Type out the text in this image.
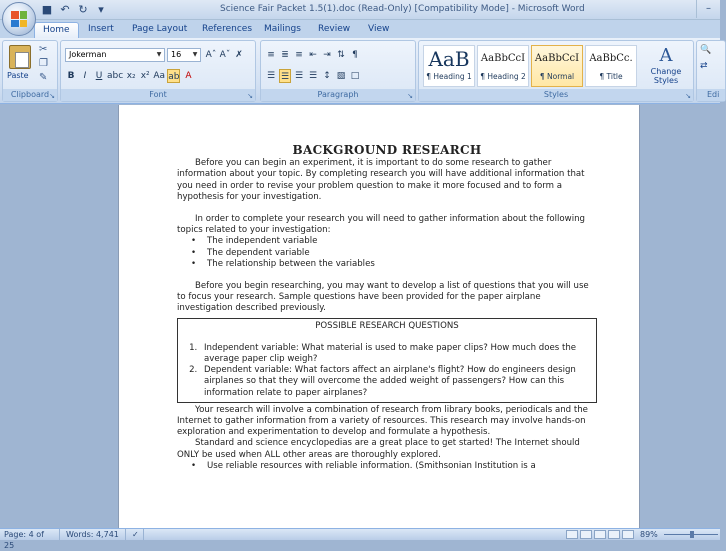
■ ↶ ↻ ▾	Science Fair Packet 1.5(1).doc (Read-Only) [Compatibility Mode] - Microsoft Word	–
Home	Insert	Page Layout	References	Mailings	Review	View
Paste
✂
❐
✎
Clipboard ↘
Jokerman	▼	16	▼ Aˆ Aˇ ✗
B	I	U abc x₂ x² Aa ab A
Font	↘
≡ ≣ ≡ ⇤ ⇥ ⇅ ¶
☰ ☰ ☰ ☰ ↕ ▧ □
Paragraph	↘
AaB
¶ Heading 1
AaBbCcI
¶ Heading 2
AaBbCcI
¶ Normal
AaBbCc.
¶ Title
A
Change Styles
Styles	↘
🔍
⇄
Edi
BACKGROUND RESEARCH

Before you can begin an experiment, it is important to do some research to gather information about your topic. By completing research you will have additional information that you need in order to revise your problem question to make it more focused and to form a hypothesis for your investigation.

In order to complete your research you will need to gather information about the following topics related to your investigation:

• The independent variable
• The dependent variable
• The relationship between the variables

Before you begin researching, you may want to develop a list of questions that you will use to focus your research. Sample questions have been provided for the paper airplane investigation described previously.

POSSIBLE RESEARCH QUESTIONS
1. Independent variable: What material is used to make paper clips? How much does the average paper clip weigh?
2. Dependent variable: What factors affect an airplane's flight? How do engineers design airplanes so that they will overcome the added weight of passengers? How can this information relate to paper airplanes?

Your research will involve a combination of research from library books, periodicals and the Internet to gather information from a variety of resources. This research may involve hands-on exploration and experimentation to develop and formulate a hypothesis.

Standard and science encyclopedias are a great place to get started! The Internet should ONLY be used when ALL other areas are thoroughly explored.

• Use reliable resources with reliable information. (Smithsonian Institution is a
Page: 4 of 25
Words: 4,741	✓	89%
